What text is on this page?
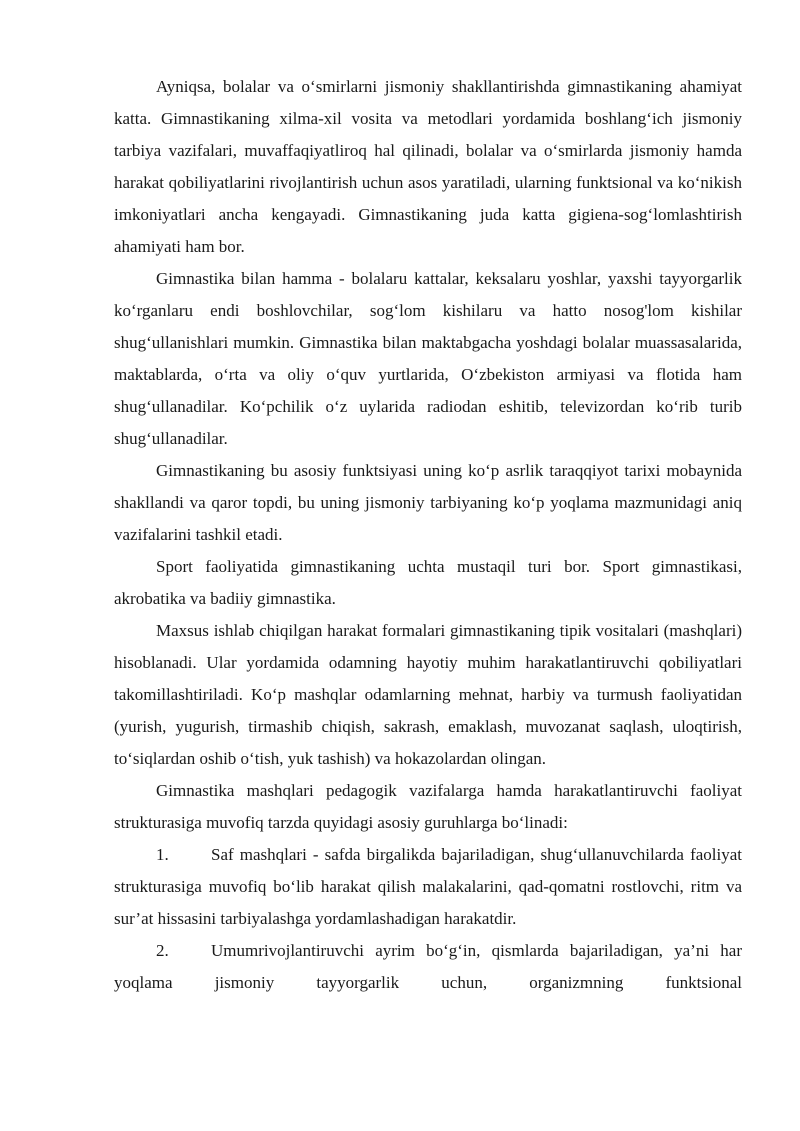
Ayniqsa, bolalar va o‘smirlarni jismoniy shakllantirishda gimnastikaning ahamiyat katta. Gimnastikaning xilma-xil vosita va metodlari yordamida boshlang‘ich jismoniy tarbiya vazifalari, muvaffaqiyatliroq hal qilinadi, bolalar va o‘smirlarda jismoniy hamda harakat qobiliyatlarini rivojlantirish uchun asos yaratiladi, ularning funktsional va ko‘nikish imkoniyatlari ancha kengayadi. Gimnastikaning juda katta gigiena-sog‘lomlashtirish ahamiyati ham bor.

Gimnastika bilan hamma - bolalaru kattalar, keksalaru yoshlar, yaxshi tayyorgarlik ko‘rganlaru endi boshlovchilar, sog‘lom kishilaru va hatto nosog'lom kishilar shug‘ullanishlari mumkin. Gimnastika bilan maktabgacha yoshdagi bolalar muassasalarida, maktablarda, o‘rta va oliy o‘quv yurtlarida, O‘zbekiston armiyasi va flotida ham shug‘ullanadilar. Ko‘pchilik o‘z uylarida radiodan eshitib, televizordan ko‘rib turib shug‘ullanadilar.

Gimnastikaning bu asosiy funktsiyasi uning ko‘p asrlik taraqqiyot tarixi mobaynida shakllandi va qaror topdi, bu uning jismoniy tarbiyaning ko‘p yoqlama mazmunidagi aniq vazifalarini tashkil etadi.

Sport faoliyatida gimnastikaning uchta mustaqil turi bor. Sport gimnastikasi, akrobatika va badiiy gimnastika.

Maxsus ishlab chiqilgan harakat formalari gimnastikaning tipik vositalari (mashqlari) hisoblanadi. Ular yordamida odamning hayotiy muhim harakatlantiruvchi qobiliyatlari takomillashtiriladi. Ko‘p mashqlar odamlarning mehnat, harbiy va turmush faoliyatidan (yurish, yugurish, tirmashib chiqish, sakrash, emaklash, muvozanat saqlash, uloqtirish, to‘siqlardan oshib o‘tish, yuk tashish) va hokazolardan olingan.

Gimnastika mashqlari pedagogik vazifalarga hamda harakatlantiruvchi faoliyat strukturasiga muvofiq tarzda quyidagi asosiy guruhlarga bo‘linadi:

1. Saf mashqlari - safda birgalikda bajariladigan, shug‘ullanuvchilarda faoliyat strukturasiga muvofiq bo‘lib harakat qilish malakalarini, qad-qomatni rostlovchi, ritm va sur’at hissasini tarbiyalashga yordamlashadigan harakatdir.

2. Umumrivojlantiruvchi ayrim bo‘g‘in, qismlarda bajariladigan, ya’ni har yoqlama jismoniy tayyorgarlik uchun, organizmning funktsional
